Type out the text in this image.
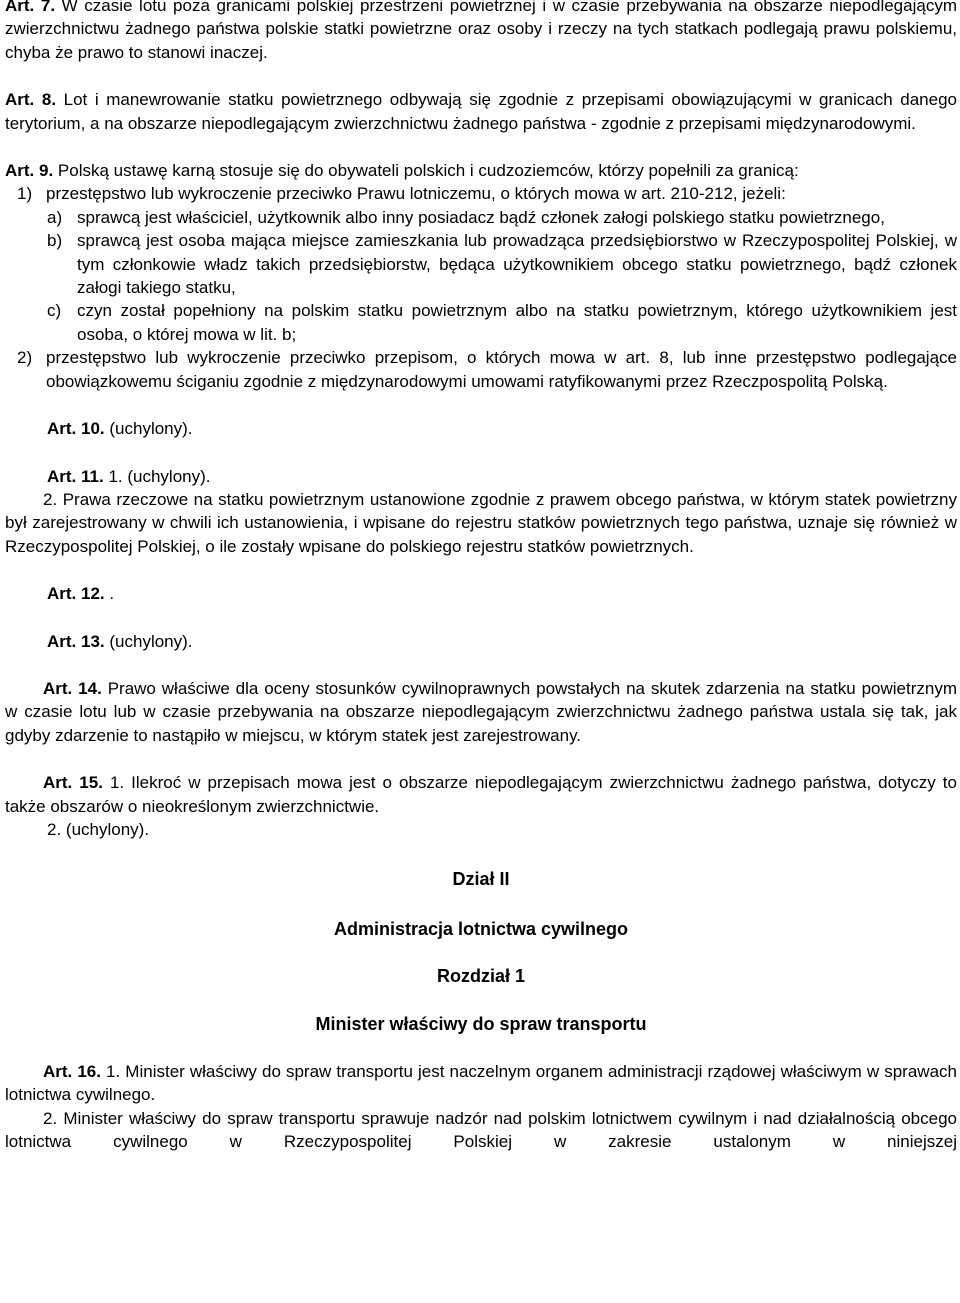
Art. 7. W czasie lotu poza granicami polskiej przestrzeni powietrznej i w czasie przebywania na obszarze niepodlegającym zwierzchnictwu żadnego państwa polskie statki powietrzne oraz osoby i rzeczy na tych statkach podlegają prawu polskiemu, chyba że prawo to stanowi inaczej.

Art. 8. Lot i manewrowanie statku powietrznego odbywają się zgodnie z przepisami obowiązującymi w granicach danego terytorium, a na obszarze niepodlegającym zwierzchnictwu żadnego państwa - zgodnie z przepisami międzynarodowymi.

Art. 9. Polską ustawę karną stosuje się do obywateli polskich i cudzoziemców, którzy popełnili za granicą:

1) przestępstwo lub wykroczenie przeciwko Prawu lotniczemu, o których mowa w art. 210-212, jeżeli:
a) sprawcą jest właściciel, użytkownik albo inny posiadacz bądź członek załogi polskiego statku powietrznego,
b) sprawcą jest osoba mająca miejsce zamieszkania lub prowadząca przedsiębiorstwo w Rzeczypospolitej Polskiej, w tym członkowie władz takich przedsiębiorstw, będąca użytkownikiem obcego statku powietrznego, bądź członek załogi takiego statku,
c) czyn został popełniony na polskim statku powietrznym albo na statku powietrznym, którego użytkownikiem jest osoba, o której mowa w lit. b;
2) przestępstwo lub wykroczenie przeciwko przepisom, o których mowa w art. 8, lub inne przestępstwo podlegające obowiązkowemu ściganiu zgodnie z międzynarodowymi umowami ratyfikowanymi przez Rzeczpospolitą Polską.

Art. 10. (uchylony).

Art. 11. 1. (uchylony).

2. Prawa rzeczowe na statku powietrznym ustanowione zgodnie z prawem obcego państwa, w którym statek powietrzny był zarejestrowany w chwili ich ustanowienia, i wpisane do rejestru statków powietrznych tego państwa, uznaje się również w Rzeczypospolitej Polskiej, o ile zostały wpisane do polskiego rejestru statków powietrznych.

Art. 12. .

Art. 13. (uchylony).

Art. 14. Prawo właściwe dla oceny stosunków cywilnoprawnych powstałych na skutek zdarzenia na statku powietrznym w czasie lotu lub w czasie przebywania na obszarze niepodlegającym zwierzchnictwu żadnego państwa ustala się tak, jak gdyby zdarzenie to nastąpiło w miejscu, w którym statek jest zarejestrowany.

Art. 15. 1. Ilekroć w przepisach mowa jest o obszarze niepodlegającym zwierzchnictwu żadnego państwa, dotyczy to także obszarów o nieokreślonym zwierzchnictwie.

2. (uchylony).

Dział II
Administracja lotnictwa cywilnego
Rozdział 1
Minister właściwy do spraw transportu

Art. 16. 1. Minister właściwy do spraw transportu jest naczelnym organem administracji rządowej właściwym w sprawach lotnictwa cywilnego.

2. Minister właściwy do spraw transportu sprawuje nadzór nad polskim lotnictwem cywilnym i nad działalnością obcego lotnictwa cywilnego w Rzeczypospolitej Polskiej w zakresie ustalonym w niniejszej
